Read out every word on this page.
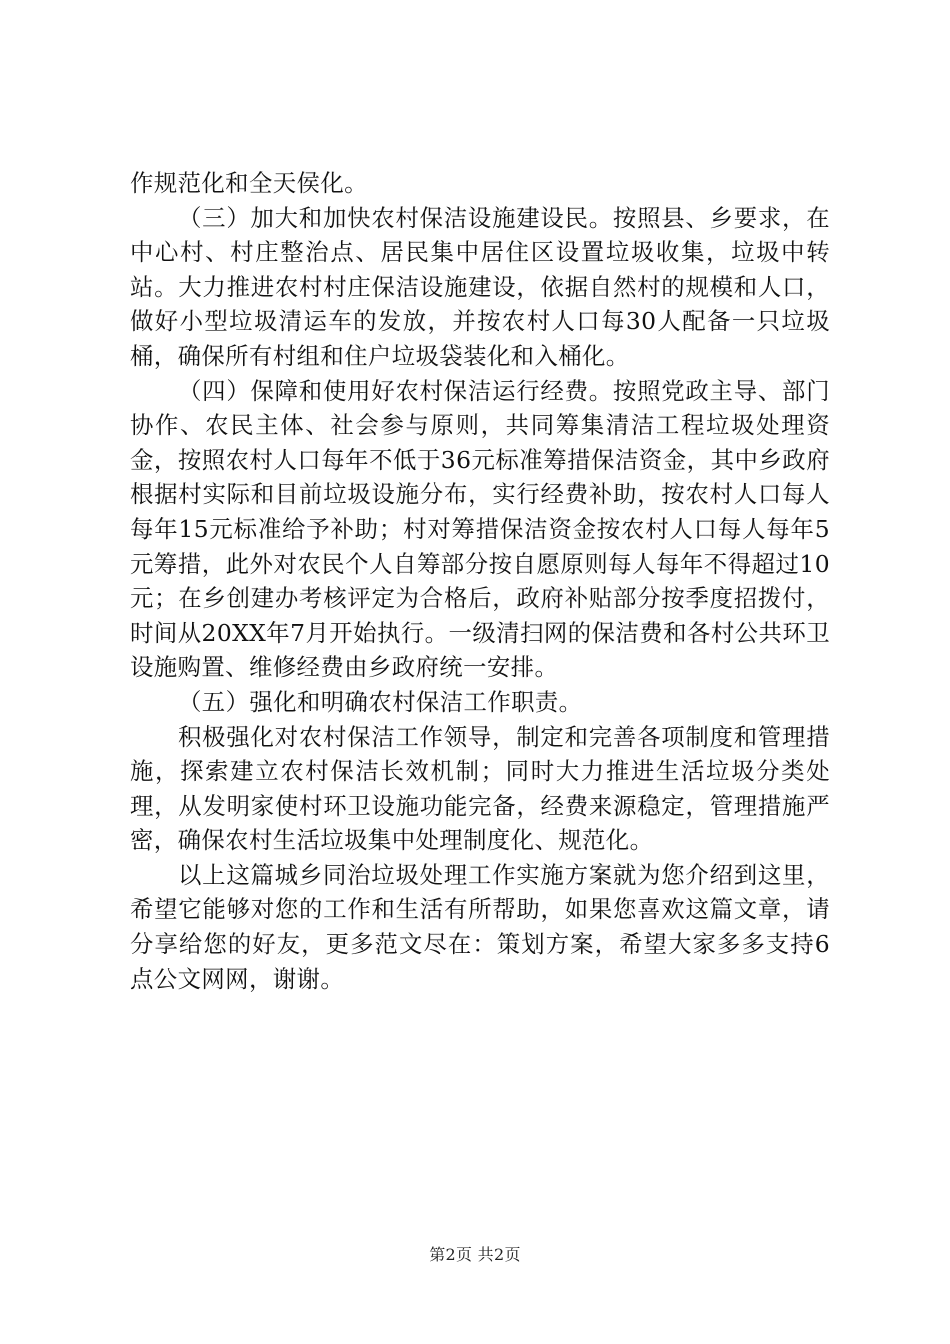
作规范化和全天侯化。

（三）加大和加快农村保洁设施建设民。按照县、乡要求，在中心村、村庄整治点、居民集中居住区设置垃圾收集，垃圾中转站。大力推进农村村庄保洁设施建设，依据自然村的规模和人口，做好小型垃圾清运车的发放，并按农村人口每30人配备一只垃圾桶，确保所有村组和住户垃圾袋装化和入桶化。

（四）保障和使用好农村保洁运行经费。按照党政主导、部门协作、农民主体、社会参与原则，共同筹集清洁工程垃圾处理资金，按照农村人口每年不低于36元标准筹措保洁资金，其中乡政府根据村实际和目前垃圾设施分布，实行经费补助，按农村人口每人每年15元标准给予补助；村对筹措保洁资金按农村人口每人每年5元筹措，此外对农民个人自筹部分按自愿原则每人每年不得超过10元；在乡创建办考核评定为合格后，政府补贴部分按季度招拨付，时间从20XX年7月开始执行。一级清扫网的保洁费和各村公共环卫设施购置、维修经费由乡政府统一安排。

（五）强化和明确农村保洁工作职责。

积极强化对农村保洁工作领导，制定和完善各项制度和管理措施，探索建立农村保洁长效机制；同时大力推进生活垃圾分类处理，从发明家使村环卫设施功能完备，经费来源稳定，管理措施严密，确保农村生活垃圾集中处理制度化、规范化。

以上这篇城乡同治垃圾处理工作实施方案就为您介绍到这里，希望它能够对您的工作和生活有所帮助，如果您喜欢这篇文章，请分享给您的好友，更多范文尽在：策划方案，希望大家多多支持6点公文网网，谢谢。

第2页 共2页
